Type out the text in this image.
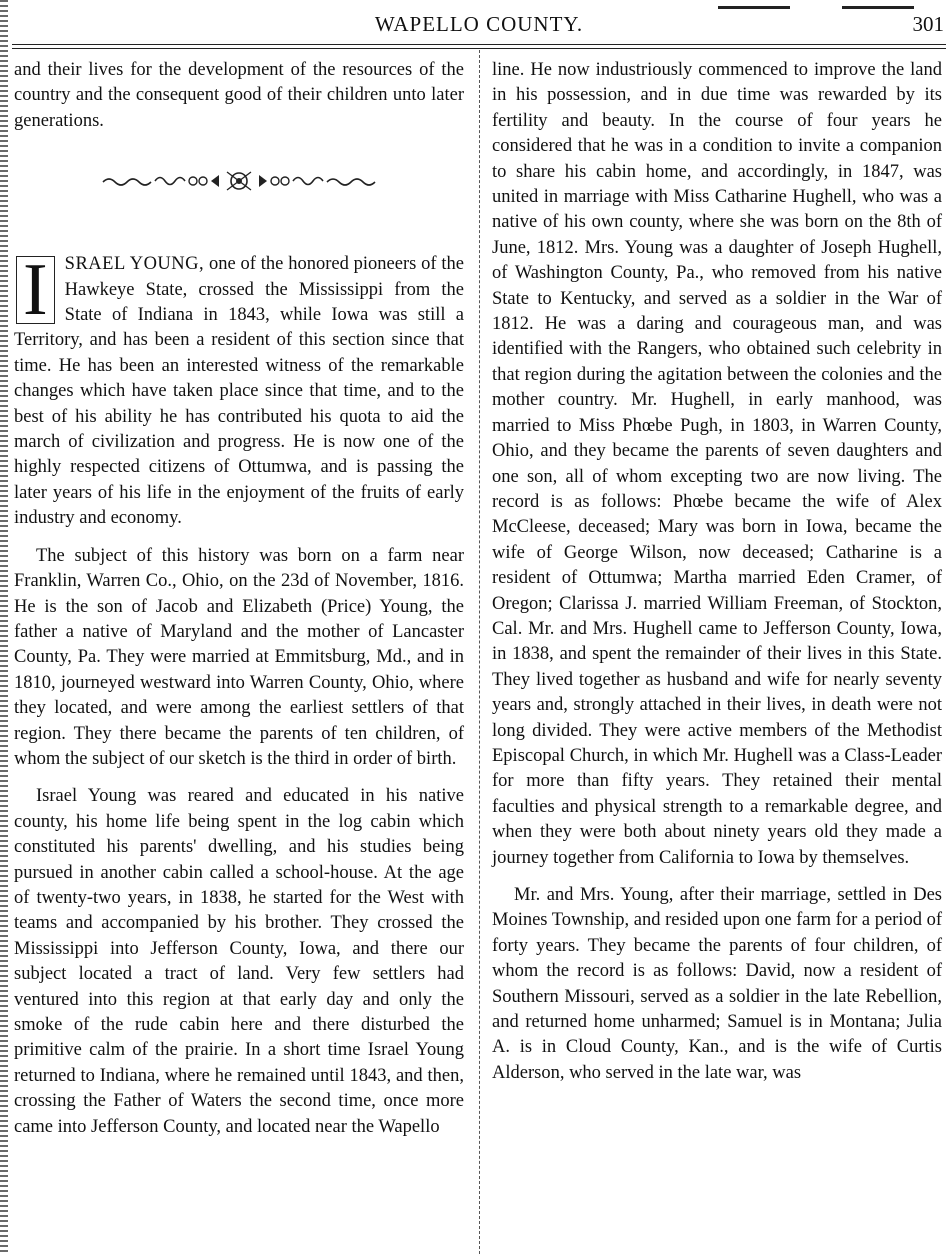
WAPELLO COUNTY.	301

and their lives for the development of the resources of the country and the consequent good of their children unto later generations.

I SRAEL YOUNG, one of the honored pioneers of the Hawkeye State, crossed the Mississippi from the State of Indiana in 1843, while Iowa was still a Territory, and has been a resident of this section since that time. He has been an interested witness of the remarkable changes which have taken place since that time, and to the best of his ability he has contributed his quota to aid the march of civilization and progress. He is now one of the highly respected citizens of Ottumwa, and is passing the later years of his life in the enjoyment of the fruits of early industry and economy.

The subject of this history was born on a farm near Franklin, Warren Co., Ohio, on the 23d of November, 1816. He is the son of Jacob and Elizabeth (Price) Young, the father a native of Maryland and the mother of Lancaster County, Pa. They were married at Emmitsburg, Md., and in 1810, journeyed westward into Warren County, Ohio, where they located, and were among the earliest settlers of that region. They there became the parents of ten children, of whom the subject of our sketch is the third in order of birth.

Israel Young was reared and educated in his native county, his home life being spent in the log cabin which constituted his parents' dwelling, and his studies being pursued in another cabin called a school-house. At the age of twenty-two years, in 1838, he started for the West with teams and accompanied by his brother. They crossed the Mississippi into Jefferson County, Iowa, and there our subject located a tract of land. Very few settlers had ventured into this region at that early day and only the smoke of the rude cabin here and there disturbed the primitive calm of the prairie. In a short time Israel Young returned to Indiana, where he remained until 1843, and then, crossing the Father of Waters the second time, once more came into Jefferson County, and located near the Wapello

line. He now industriously commenced to improve the land in his possession, and in due time was rewarded by its fertility and beauty. In the course of four years he considered that he was in a condition to invite a companion to share his cabin home, and accordingly, in 1847, was united in marriage with Miss Catharine Hughell, who was a native of his own county, where she was born on the 8th of June, 1812. Mrs. Young was a daughter of Joseph Hughell, of Washington County, Pa., who removed from his native State to Kentucky, and served as a soldier in the War of 1812. He was a daring and courageous man, and was identified with the Rangers, who obtained such celebrity in that region during the agitation between the colonies and the mother country. Mr. Hughell, in early manhood, was married to Miss Phœbe Pugh, in 1803, in Warren County, Ohio, and they became the parents of seven daughters and one son, all of whom excepting two are now living. The record is as follows: Phœbe became the wife of Alex McCleese, deceased; Mary was born in Iowa, became the wife of George Wilson, now deceased; Catharine is a resident of Ottumwa; Martha married Eden Cramer, of Oregon; Clarissa J. married William Freeman, of Stockton, Cal. Mr. and Mrs. Hughell came to Jefferson County, Iowa, in 1838, and spent the remainder of their lives in this State. They lived together as husband and wife for nearly seventy years and, strongly attached in their lives, in death were not long divided. They were active members of the Methodist Episcopal Church, in which Mr. Hughell was a Class-Leader for more than fifty years. They retained their mental faculties and physical strength to a remarkable degree, and when they were both about ninety years old they made a journey together from California to Iowa by themselves.

Mr. and Mrs. Young, after their marriage, settled in Des Moines Township, and resided upon one farm for a period of forty years. They became the parents of four children, of whom the record is as follows: David, now a resident of Southern Missouri, served as a soldier in the late Rebellion, and returned home unharmed; Samuel is in Montana; Julia A. is in Cloud County, Kan., and is the wife of Curtis Alderson, who served in the late war, was
